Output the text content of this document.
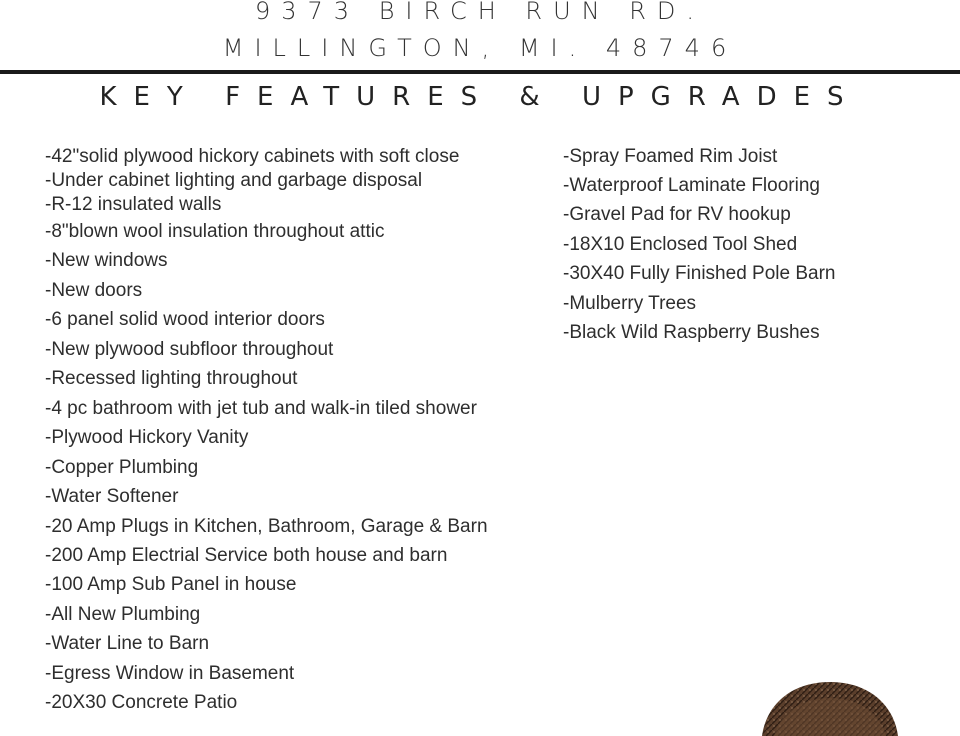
9373 BIRCH RUN RD.
MILLINGTON, MI. 48746
KEY FEATURES & UPGRADES
-42"solid plywood hickory cabinets with soft close
-Under cabinet lighting and garbage disposal
-R-12 insulated walls
-8"blown wool insulation throughout attic
-New windows
-New doors
-6 panel solid wood interior doors
-New plywood subfloor throughout
-Recessed lighting throughout
-4 pc bathroom with jet tub and walk-in tiled shower
-Plywood Hickory Vanity
-Copper Plumbing
-Water Softener
-20 Amp Plugs in Kitchen, Bathroom, Garage & Barn
-200 Amp Electrial Service both house and barn
-100 Amp Sub Panel in house
-All New Plumbing
-Water Line to Barn
-Egress Window in Basement
-20X30 Concrete Patio
-Spray Foamed Rim Joist
-Waterproof Laminate Flooring
-Gravel Pad for RV hookup
-18X10 Enclosed Tool Shed
-30X40 Fully Finished Pole Barn
-Mulberry Trees
-Black Wild Raspberry Bushes
